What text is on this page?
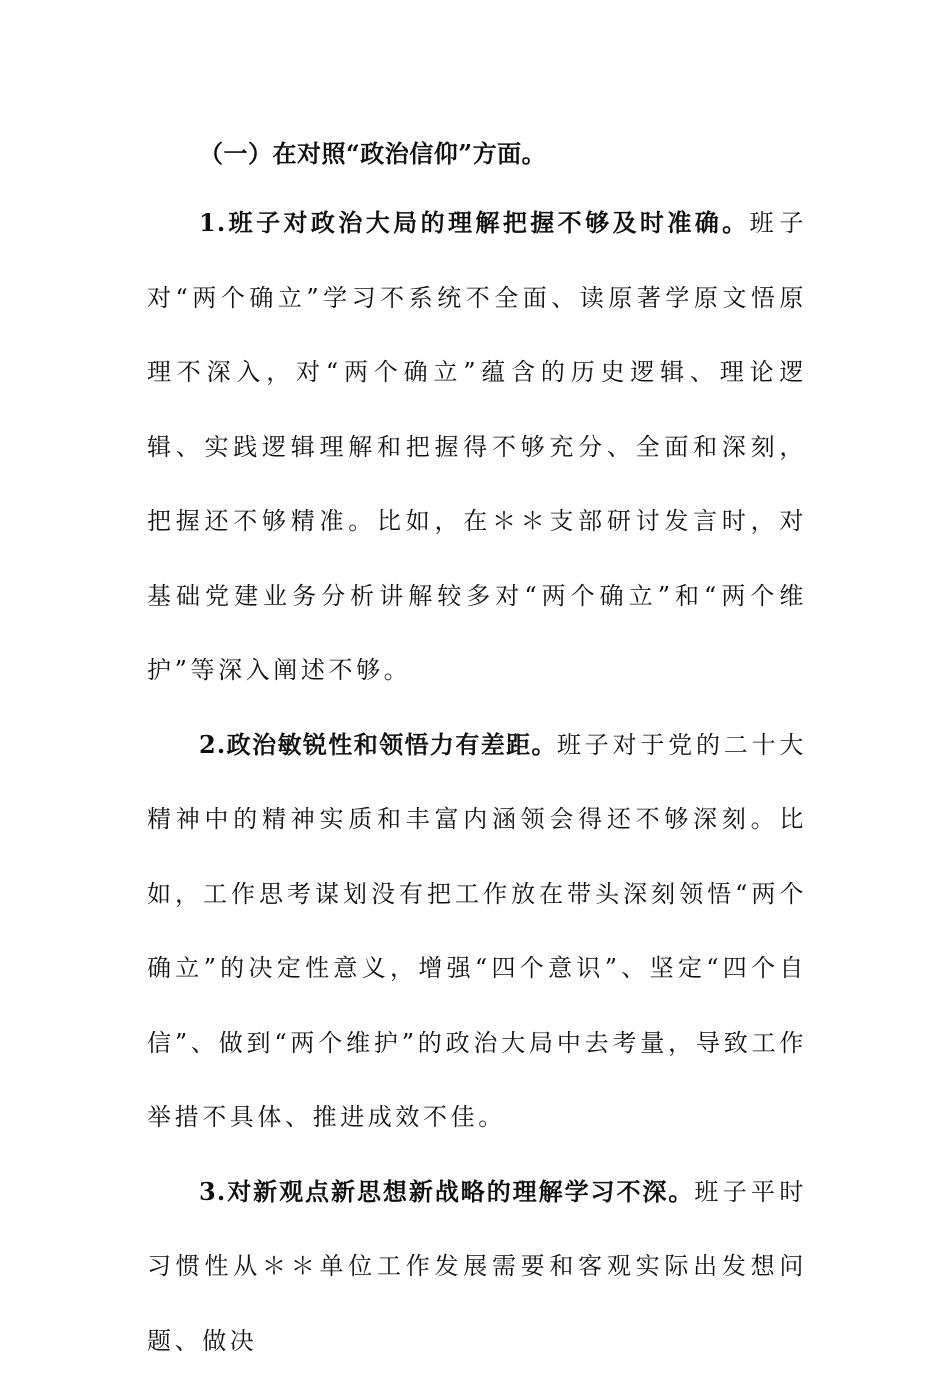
（一）在对照“政治信仰”方面。

1.班子对政治大局的理解把握不够及时准确。班子对“两个确立”学习不系统不全面、读原著学原文悟原理不深入，对“两个确立”蕴含的历史逻辑、理论逻辑、实践逻辑理解和把握得不够充分、全面和深刻，把握还不够精准。比如，在＊＊支部研讨发言时，对基础党建业务分析讲解较多对“两个确立”和“两个维护”等深入阐述不够。

2.政治敏锐性和领悟力有差距。班子对于党的二十大精神中的精神实质和丰富内涵领会得还不够深刻。比如，工作思考谋划没有把工作放在带头深刻领悟“两个确立”的决定性意义，增强“四个意识”、坚定“四个自信”、做到“两个维护”的政治大局中去考量，导致工作举措不具体、推进成效不佳。

3.对新观点新思想新战略的理解学习不深。班子平时习惯性从＊＊单位工作发展需要和客观实际出发想问题、做决
